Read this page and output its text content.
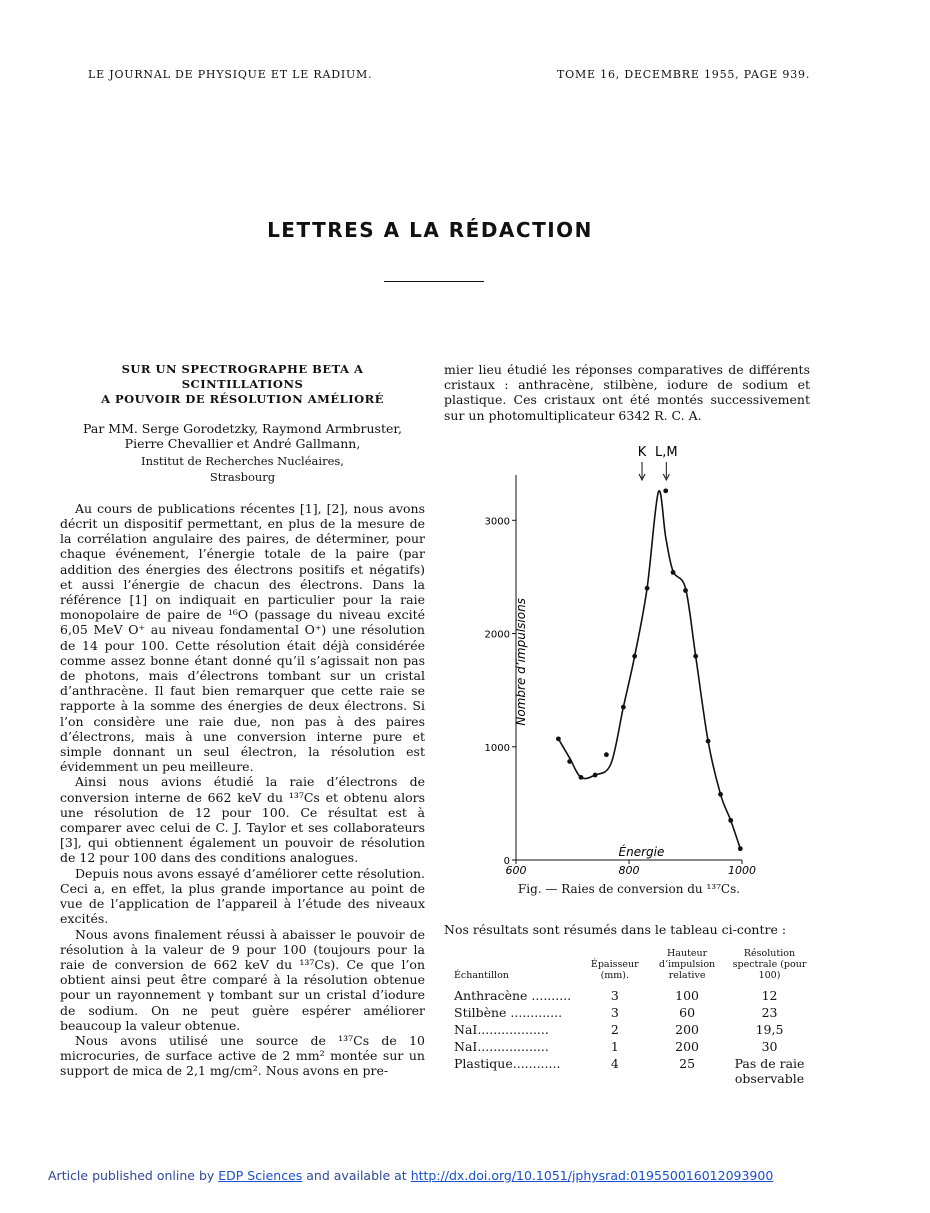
LE JOURNAL DE PHYSIQUE ET LE RADIUM.	TOME 16, DECEMBRE 1955, PAGE 939.
LETTRES A LA RÉDACTION
SUR UN SPECTROGRAPHE BETA A SCINTILLATIONS
A POUVOIR DE RÉSOLUTION AMÉLIORÉ
Par MM. Serge Gorodetzky, Raymond Armbruster,
Pierre Chevallier et André Gallmann,
Institut de Recherches Nucléaires,
Strasbourg

Au cours de publications récentes [1], [2], nous avons décrit un dispositif permettant, en plus de la mesure de la corrélation angulaire des paires, de déterminer, pour chaque événement, l’énergie totale de la paire (par addition des énergies des électrons positifs et négatifs) et aussi l’énergie de chacun des électrons. Dans la référence [1] on indiquait en particulier pour la raie monopolaire de paire de ¹⁶O (passage du niveau excité 6,05 MeV O⁺ au niveau fondamental O⁺) une résolution de 14 pour 100. Cette résolution était déjà considérée comme assez bonne étant donné qu’il s’agissait non pas de photons, mais d’électrons tombant sur un cristal d’anthracène. Il faut bien remarquer que cette raie se rapporte à la somme des énergies de deux électrons. Si l’on considère une raie due, non pas à des paires d’électrons, mais à une conversion interne pure et simple donnant un seul électron, la résolution est évidemment un peu meilleure.

Ainsi nous avions étudié la raie d’électrons de conversion interne de 662 keV du ¹³⁷Cs et obtenu alors une résolution de 12 pour 100. Ce résultat est à comparer avec celui de C. J. Taylor et ses collaborateurs [3], qui obtiennent également un pouvoir de résolution de 12 pour 100 dans des conditions analogues.

Depuis nous avons essayé d’améliorer cette résolution. Ceci a, en effet, la plus grande importance au point de vue de l’application de l’appareil à l’étude des niveaux excités.

Nous avons finalement réussi à abaisser le pouvoir de résolution à la valeur de 9 pour 100 (toujours pour la raie de conversion de 662 keV du ¹³⁷Cs). Ce que l’on obtient ainsi peut être comparé à la résolution obtenue pour un rayonnement γ tombant sur un cristal d’iodure de sodium. On ne peut guère espérer améliorer beaucoup la valeur obtenue.

Nous avons utilisé une source de ¹³⁷Cs de 10 microcuries, de surface active de 2 mm² montée sur un support de mica de 2,1 mg/cm². Nous avons en pre-

mier lieu étudié les réponses comparatives de différents cristaux : anthracène, stilbène, iodure de sodium et plastique. Ces cristaux ont été montés successivement sur un photomultiplicateur 6342 R. C. A.

0
1000
2000
3000
600	800	1000
Énergie
Nombre d’impulsions
K L,M
Fig. — Raies de conversion du ¹³⁷Cs.
Nos résultats sont résumés dans le tableau ci-contre :
Échantillon	Épaisseur (mm).	Hauteur d’impulsion relative	Résolution spectrale (pour 100)
Anthracène ..........	3	100	12
Stilbène .............	3	60	23
NaI..................	2	200	19,5
NaI..................	1	200	30
Plastique............	4	25	Pas de raie observable
Article published online by EDP Sciences and available at http://dx.doi.org/10.1051/jphysrad:019550016012093900
